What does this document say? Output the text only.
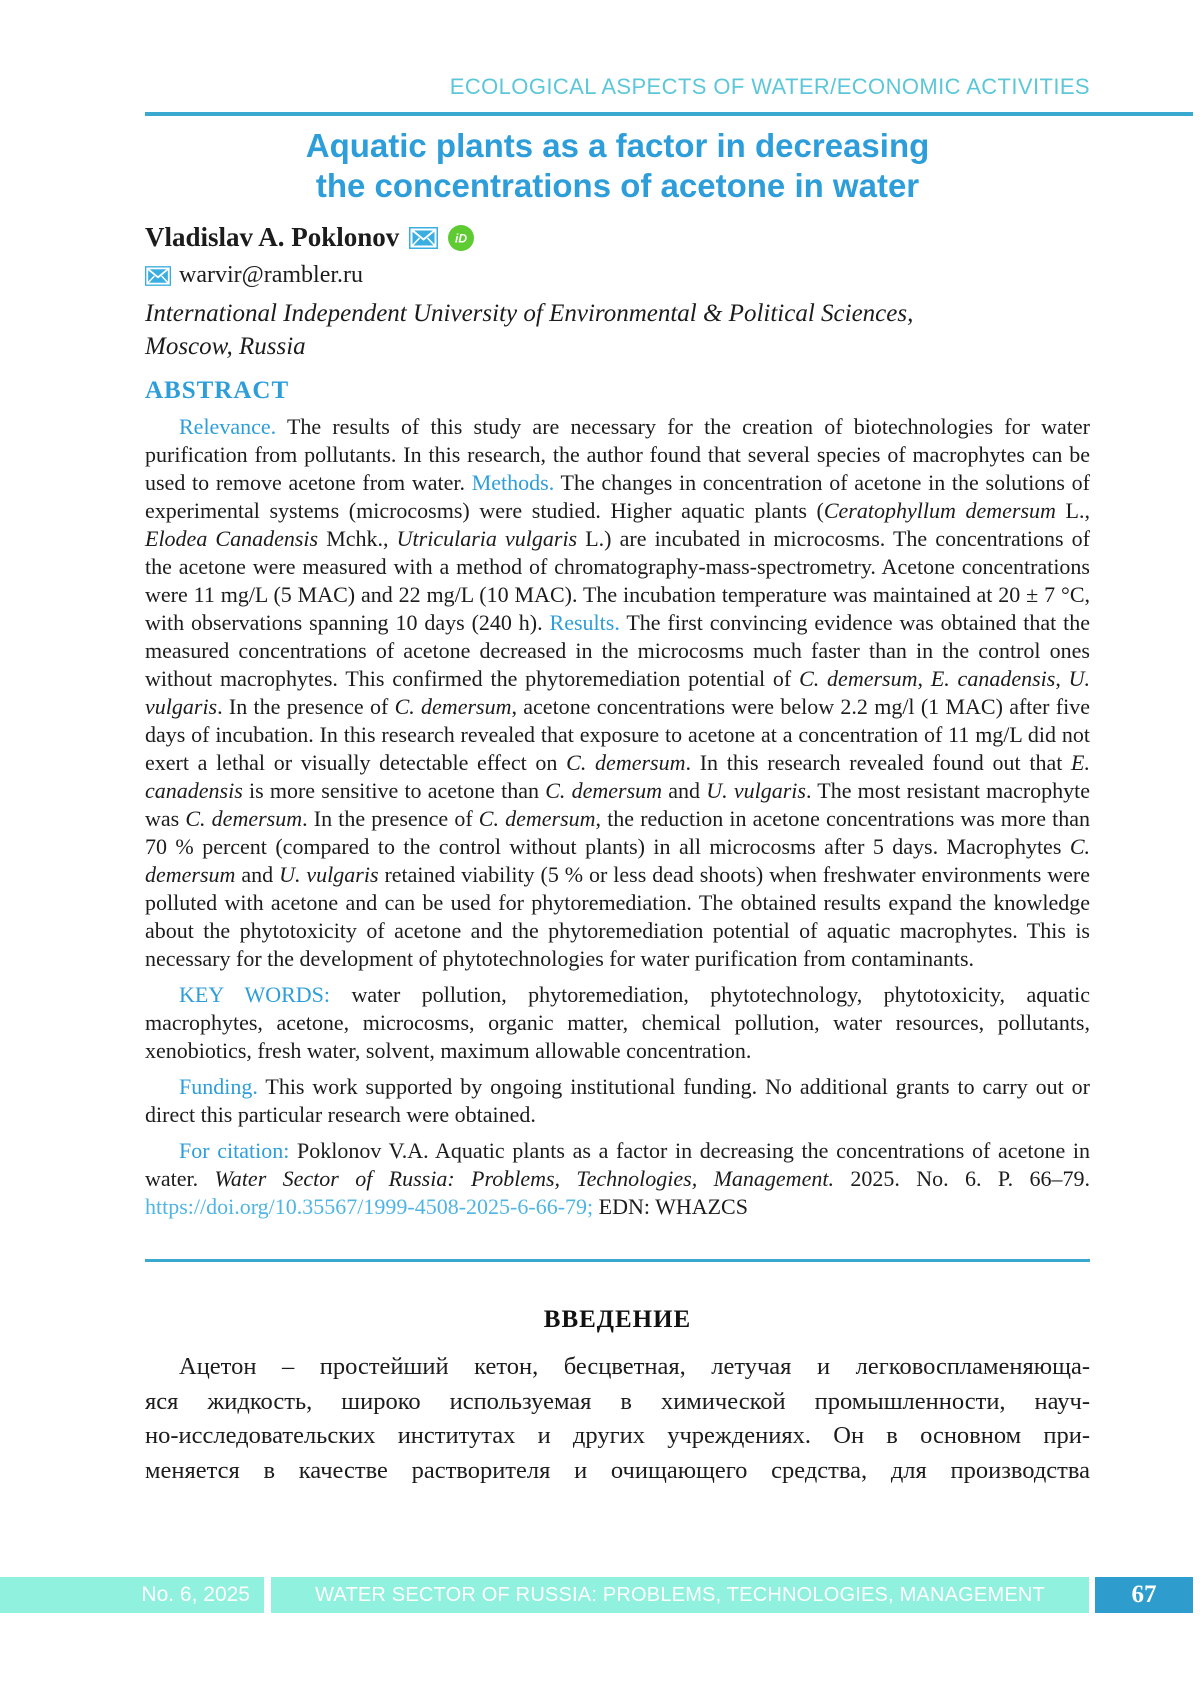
ECOLOGICAL ASPECTS OF WATER/ECONOMIC ACTIVITIES
Aquatic plants as a factor in decreasing
the concentrations of acetone in water
Vladislav A. Poklonov	iD
warvir@rambler.ru
International Independent University of Environmental & Political Sciences,
Moscow, Russia
ABSTRACT

Relevance. The results of this study are necessary for the creation of biotechnologies for water purification from pollutants. In this research, the author found that several species of macrophytes can be used to remove acetone from water. Methods. The changes in concentration of acetone in the solutions of experimental systems (microcosms) were studied. Higher aquatic plants (Ceratophyllum demersum L., Elodea Canadensis Mchk., Utricularia vulgaris L.) are incubated in microcosms. The concentrations of the acetone were measured with a method of chromatography-mass-spectrometry. Acetone concentrations were 11 mg/L (5 MAC) and 22 mg/L (10 MAC). The incubation temperature was maintained at 20 ± 7 °C, with observations spanning 10 days (240 h). Results. The first convincing evidence was obtained that the measured concentrations of acetone decreased in the microcosms much faster than in the control ones without macrophytes. This confirmed the phytoremediation potential of C. demersum, E. canadensis, U. vulgaris. In the presence of C. demersum, acetone concentrations were below 2.2 mg/l (1 MAC) after five days of incubation. In this research revealed that exposure to acetone at a concentration of 11 mg/L did not exert a lethal or visually detectable effect on C. demersum. In this research revealed found out that E. canadensis is more sensitive to acetone than C. demersum and U. vulgaris. The most resistant macrophyte was C. demersum. In the presence of C. demersum, the reduction in acetone concentrations was more than 70 % percent (compared to the control without plants) in all microcosms after 5 days. Macrophytes C. demersum and U. vulgaris retained viability (5 % or less dead shoots) when freshwater environments were polluted with acetone and can be used for phytoremediation. The obtained results expand the knowledge about the phytotoxicity of acetone and the phytoremediation potential of aquatic macrophytes. This is necessary for the development of phytotechnologies for water purification from contaminants.

KEY WORDS: water pollution, phytoremediation, phytotechnology, phytotoxicity, aquatic macrophytes, acetone, microcosms, organic matter, chemical pollution, water resources, pollutants, xenobiotics, fresh water, solvent, maximum allowable concentration.

Funding. This work supported by ongoing institutional funding. No additional grants to carry out or direct this particular research were obtained.

For citation: Poklonov V.A. Aquatic plants as a factor in decreasing the concentrations of acetone in water. Water Sector of Russia: Problems, Technologies, Management. 2025. No. 6. P. 66–79. https://doi.org/10.35567/1999-4508-2025-6-66-79; EDN: WHAZCS

ВВЕДЕНИЕ
Ацетон – простейший кетон, бесцветная, летучая и легковоспламеняюща-
яся жидкость, широко используемая в химической промышленности, науч-
но-исследовательских институтах и других учреждениях. Он в основном при-
меняется в качестве растворителя и очищающего средства, для производства
No. 6, 2025	WATER SECTOR OF RUSSIA: PROBLEMS, TECHNOLOGIES, MANAGEMENT	67
